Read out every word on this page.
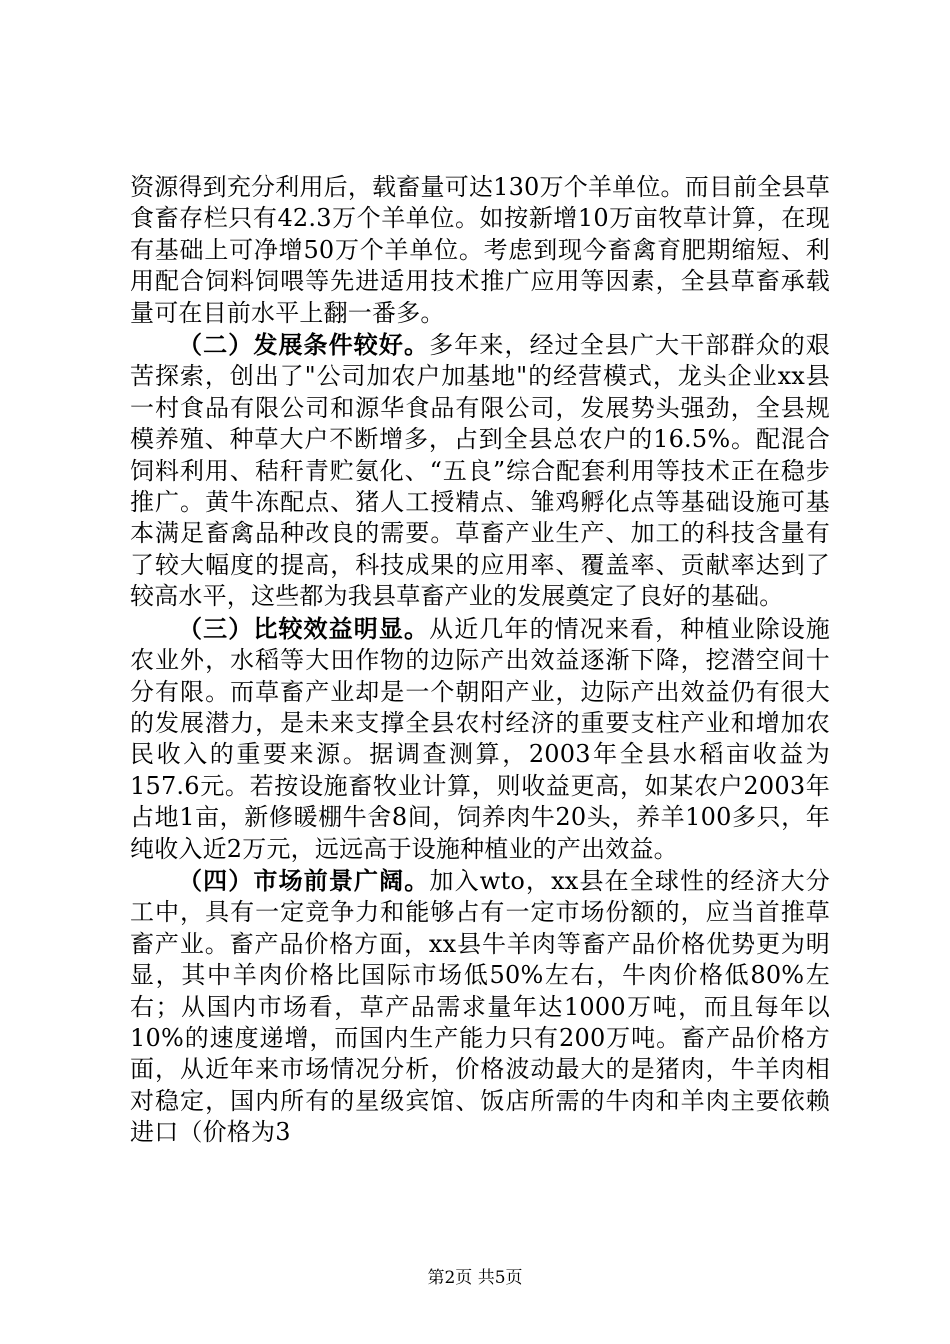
资源得到充分利用后，载畜量可达130万个羊单位。而目前全县草食畜存栏只有42.3万个羊单位。如按新增10万亩牧草计算，在现有基础上可净增50万个羊单位。考虑到现今畜禽育肥期缩短、利用配合饲料饲喂等先进适用技术推广应用等因素，全县草畜承载量可在目前水平上翻一番多。

（二）发展条件较好。多年来，经过全县广大干部群众的艰苦探索，创出了"公司加农户加基地"的经营模式，龙头企业xx县一村食品有限公司和源华食品有限公司，发展势头强劲，全县规模养殖、种草大户不断增多，占到全县总农户的16.5%。配混合饲料利用、秸秆青贮氨化、“五良”综合配套利用等技术正在稳步推广。黄牛冻配点、猪人工授精点、雏鸡孵化点等基础设施可基本满足畜禽品种改良的需要。草畜产业生产、加工的科技含量有了较大幅度的提高，科技成果的应用率、覆盖率、贡献率达到了较高水平，这些都为我县草畜产业的发展奠定了良好的基础。

（三）比较效益明显。从近几年的情况来看，种植业除设施农业外，水稻等大田作物的边际产出效益逐渐下降，挖潜空间十分有限。而草畜产业却是一个朝阳产业，边际产出效益仍有很大的发展潜力，是未来支撑全县农村经济的重要支柱产业和增加农民收入的重要来源。据调查测算，2003年全县水稻亩收益为157.6元。若按设施畜牧业计算，则收益更高，如某农户2003年占地1亩，新修暖棚牛舍8间，饲养肉牛20头，养羊100多只，年纯收入近2万元，远远高于设施种植业的产出效益。

（四）市场前景广阔。加入wto，xx县在全球性的经济大分工中，具有一定竞争力和能够占有一定市场份额的，应当首推草畜产业。畜产品价格方面，xx县牛羊肉等畜产品价格优势更为明显，其中羊肉价格比国际市场低50%左右，牛肉价格低80%左右；从国内市场看，草产品需求量年达1000万吨，而且每年以10%的速度递增，而国内生产能力只有200万吨。畜产品价格方面，从近年来市场情况分析，价格波动最大的是猪肉，牛羊肉相对稳定，国内所有的星级宾馆、饭店所需的牛肉和羊肉主要依赖进口（价格为3

第2页 共5页
